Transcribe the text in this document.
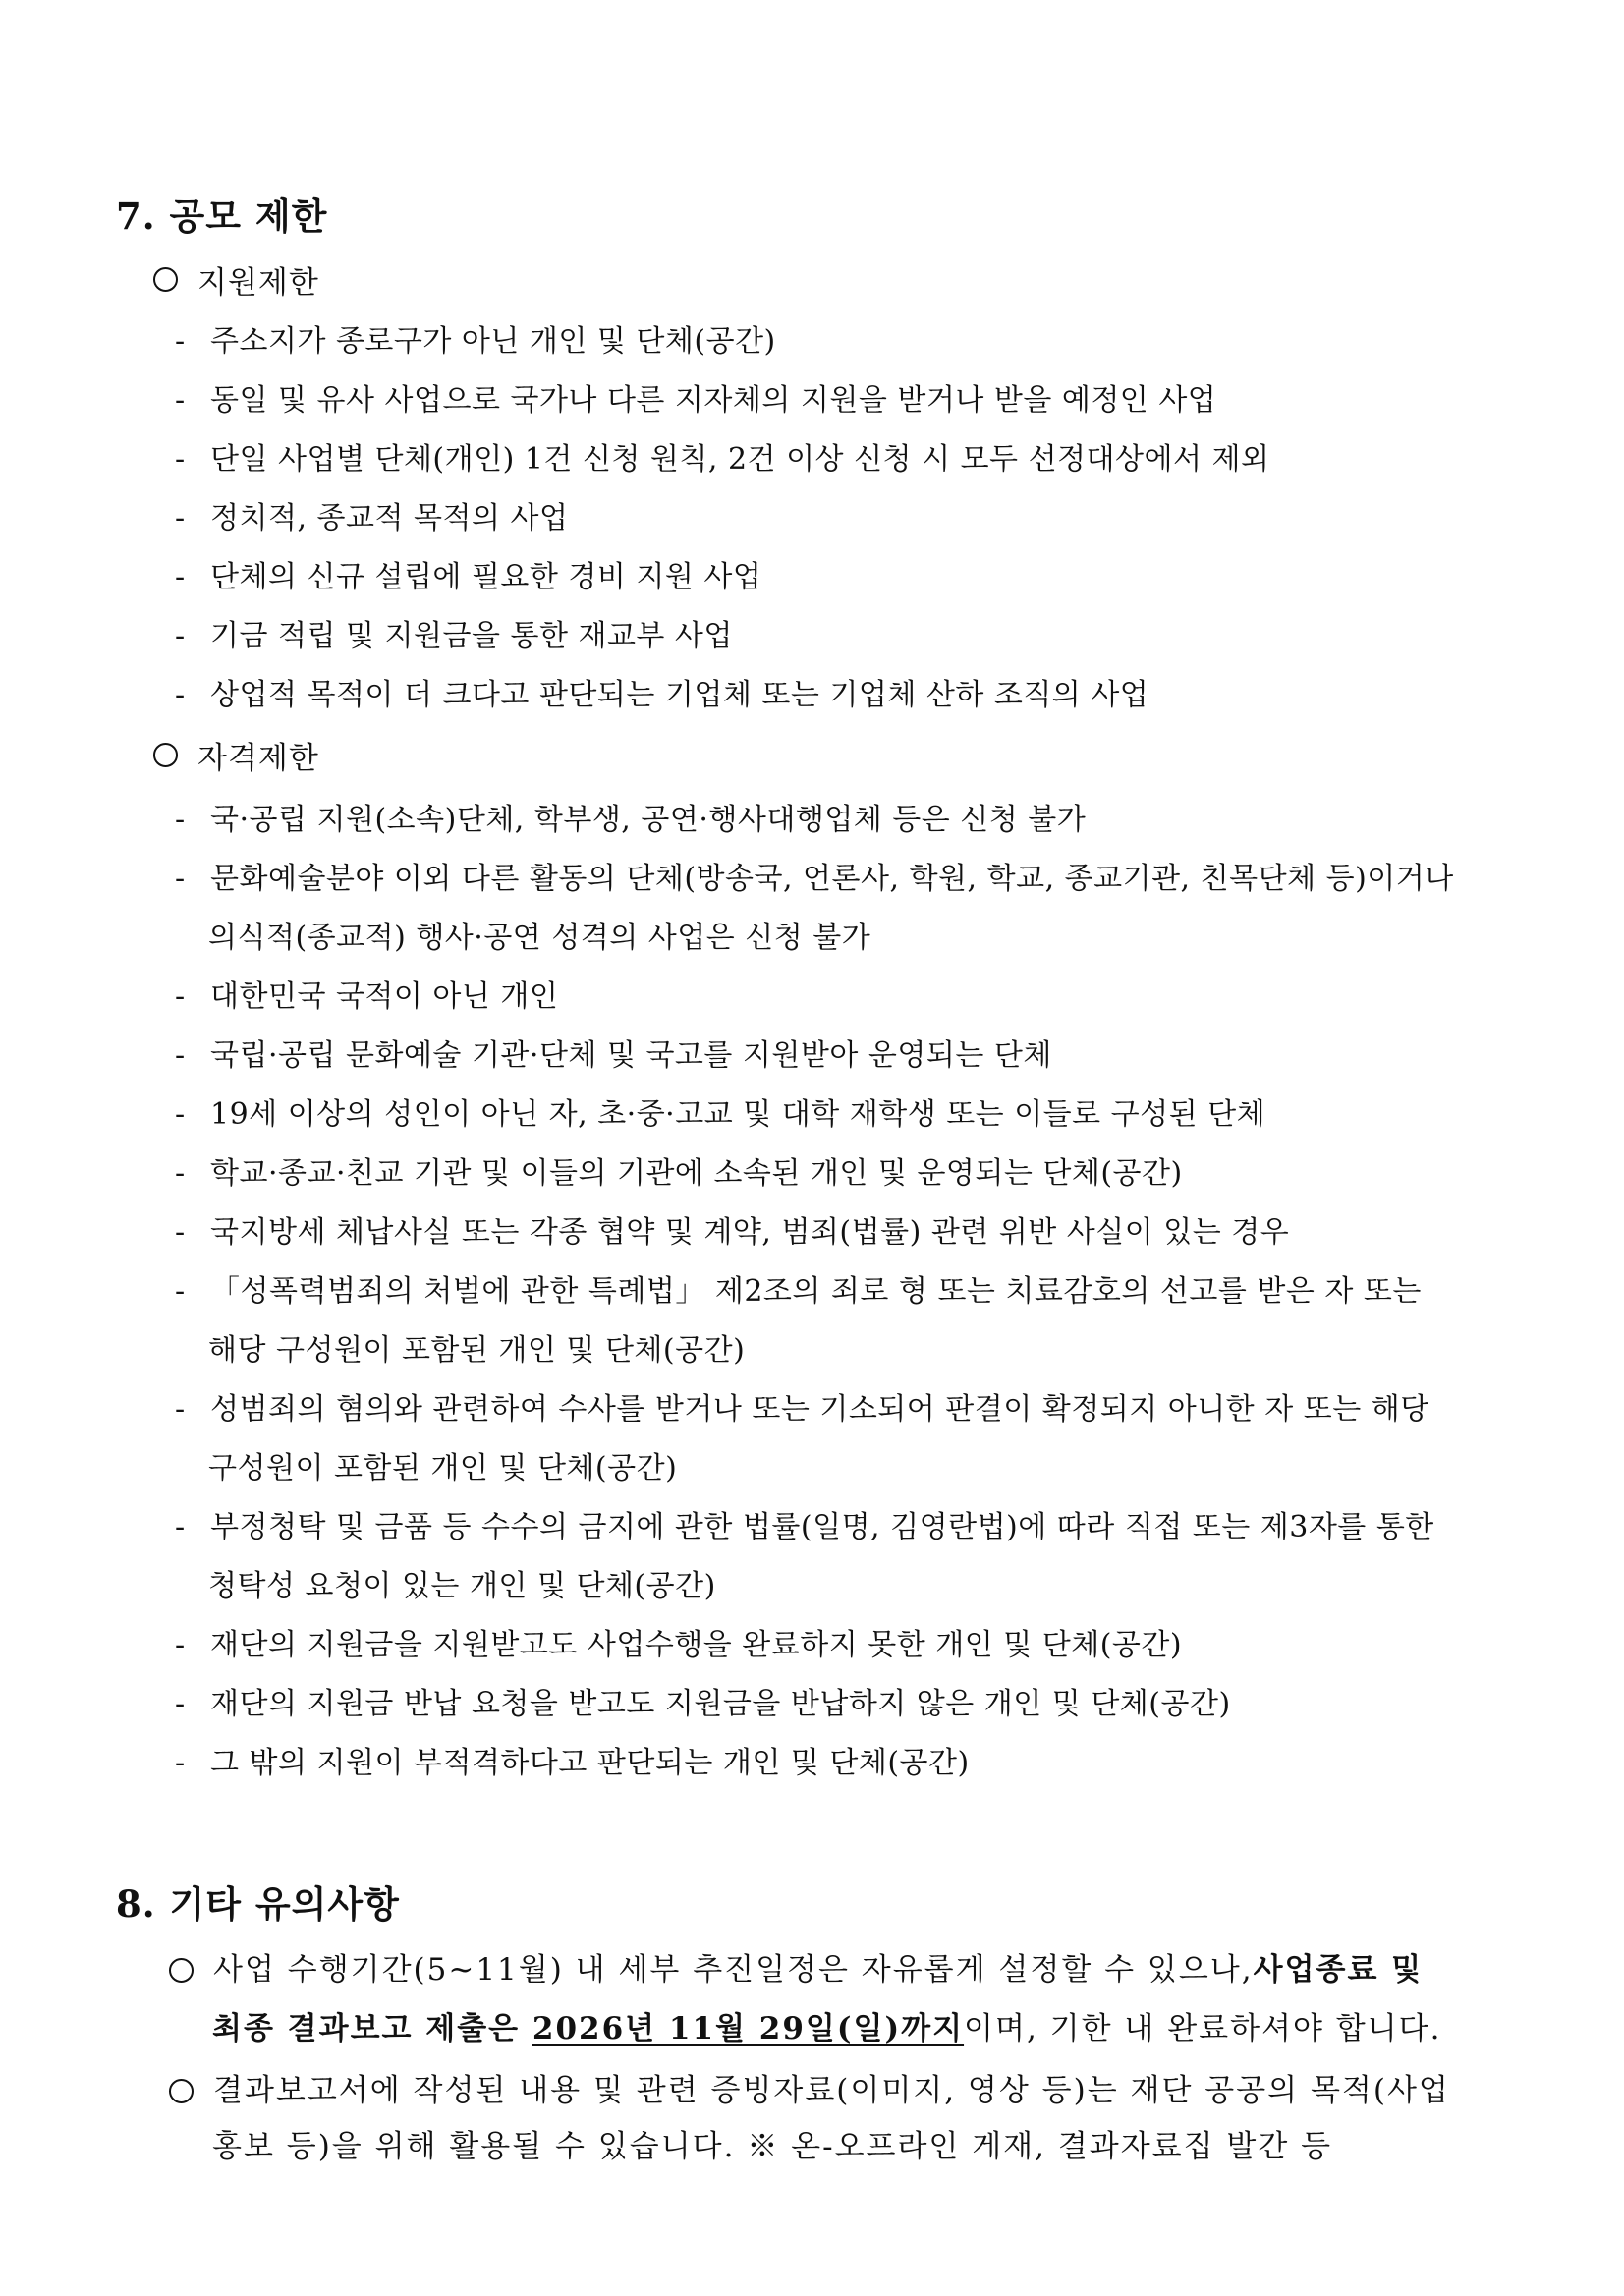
7. 공모 제한
지원제한
- 주소지가 종로구가 아닌 개인 및 단체(공간)
- 동일 및 유사 사업으로 국가나 다른 지자체의 지원을 받거나 받을 예정인 사업
- 단일 사업별 단체(개인) 1건 신청 원칙, 2건 이상 신청 시 모두 선정대상에서 제외
- 정치적, 종교적 목적의 사업
- 단체의 신규 설립에 필요한 경비 지원 사업
- 기금 적립 및 지원금을 통한 재교부 사업
- 상업적 목적이 더 크다고 판단되는 기업체 또는 기업체 산하 조직의 사업
자격제한
- 국·공립 지원(소속)단체, 학부생, 공연·행사대행업체 등은 신청 불가
- 문화예술분야 이외 다른 활동의 단체(방송국, 언론사, 학원, 학교, 종교기관, 친목단체 등)이거나
의식적(종교적) 행사·공연 성격의 사업은 신청 불가
- 대한민국 국적이 아닌 개인
- 국립·공립 문화예술 기관·단체 및 국고를 지원받아 운영되는 단체
- 19세 이상의 성인이 아닌 자, 초·중·고교 및 대학 재학생 또는 이들로 구성된 단체
- 학교·종교·친교 기관 및 이들의 기관에 소속된 개인 및 운영되는 단체(공간)
- 국지방세 체납사실 또는 각종 협약 및 계약, 범죄(법률) 관련 위반 사실이 있는 경우
- 「성폭력범죄의 처벌에 관한 특례법」 제2조의 죄로 형 또는 치료감호의 선고를 받은 자 또는
해당 구성원이 포함된 개인 및 단체(공간)
- 성범죄의 혐의와 관련하여 수사를 받거나 또는 기소되어 판결이 확정되지 아니한 자 또는 해당
구성원이 포함된 개인 및 단체(공간)
- 부정청탁 및 금품 등 수수의 금지에 관한 법률(일명, 김영란법)에 따라 직접 또는 제3자를 통한
청탁성 요청이 있는 개인 및 단체(공간)
- 재단의 지원금을 지원받고도 사업수행을 완료하지 못한 개인 및 단체(공간)
- 재단의 지원금 반납 요청을 받고도 지원금을 반납하지 않은 개인 및 단체(공간)
- 그 밖의 지원이 부적격하다고 판단되는 개인 및 단체(공간)
8. 기타 유의사항
사업 수행기간(5~11월) 내 세부 추진일정은 자유롭게 설정할 수 있으나, 사업종료 및
최종 결과보고 제출은 2026년 11월 29일(일)까지이며, 기한 내 완료하셔야 합니다.
결과보고서에 작성된 내용 및 관련 증빙자료(이미지, 영상 등)는 재단 공공의 목적(사업
홍보 등)을 위해 활용될 수 있습니다. ※ 온-오프라인 게재, 결과자료집 발간 등
